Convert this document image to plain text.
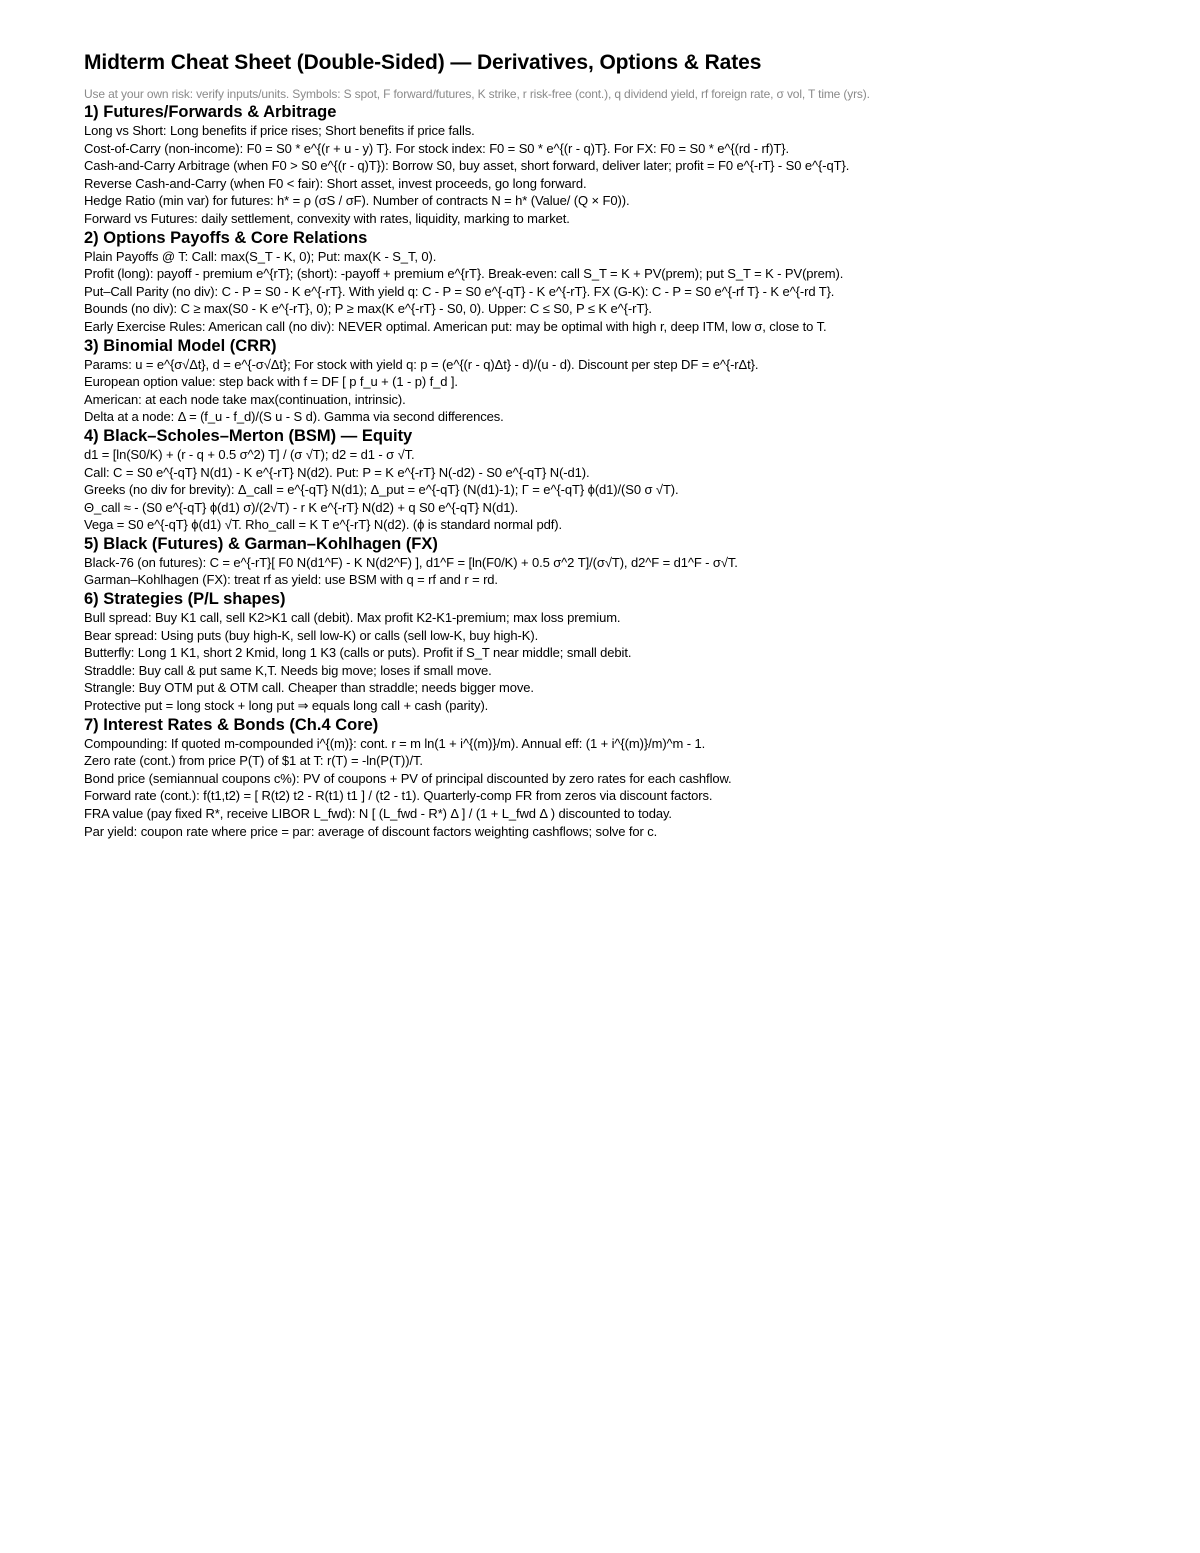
Midterm Cheat Sheet (Double-Sided) — Derivatives, Options & Rates
Use at your own risk: verify inputs/units. Symbols: S spot, F forward/futures, K strike, r risk-free (cont.), q dividend yield, rf foreign rate, σ vol, T time (yrs).
1) Futures/Forwards & Arbitrage
Long vs Short: Long benefits if price rises; Short benefits if price falls.
Cost-of-Carry (non-income): F0 = S0 * e^{(r + u - y) T}. For stock index: F0 = S0 * e^{(r - q)T}. For FX: F0 = S0 * e^{(rd - rf)T}.
Cash-and-Carry Arbitrage (when F0 > S0 e^{(r - q)T}): Borrow S0, buy asset, short forward, deliver later; profit = F0 e^{-rT} - S0 e^{-qT}.
Reverse Cash-and-Carry (when F0 < fair): Short asset, invest proceeds, go long forward.
Hedge Ratio (min var) for futures: h* = ρ (σS / σF). Number of contracts N = h* (Value/ (Q × F0)).
Forward vs Futures: daily settlement, convexity with rates, liquidity, marking to market.
2) Options Payoffs & Core Relations
Plain Payoffs @ T: Call: max(S_T - K, 0); Put: max(K - S_T, 0).
Profit (long): payoff - premium e^{rT}; (short): -payoff + premium e^{rT}. Break-even: call S_T = K + PV(prem); put S_T = K - PV(prem).
Put–Call Parity (no div): C - P = S0 - K e^{-rT}. With yield q: C - P = S0 e^{-qT} - K e^{-rT}. FX (G-K): C - P = S0 e^{-rf T} - K e^{-rd T}.
Bounds (no div): C ≥ max(S0 - K e^{-rT}, 0); P ≥ max(K e^{-rT} - S0, 0). Upper: C ≤ S0, P ≤ K e^{-rT}.
Early Exercise Rules: American call (no div): NEVER optimal. American put: may be optimal with high r, deep ITM, low σ, close to T.
3) Binomial Model (CRR)
Params: u = e^{σ√Δt}, d = e^{-σ√Δt}; For stock with yield q: p = (e^{(r - q)Δt} - d)/(u - d). Discount per step DF = e^{-rΔt}.
European option value: step back with f = DF [ p f_u + (1 - p) f_d ].
American: at each node take max(continuation, intrinsic).
Delta at a node: Δ = (f_u - f_d)/(S u - S d). Gamma via second differences.
4) Black–Scholes–Merton (BSM) — Equity
d1 = [ln(S0/K) + (r - q + 0.5 σ^2) T] / (σ √T); d2 = d1 - σ √T.
Call: C = S0 e^{-qT} N(d1) - K e^{-rT} N(d2). Put: P = K e^{-rT} N(-d2) - S0 e^{-qT} N(-d1).
Greeks (no div for brevity): Δ_call = e^{-qT} N(d1); Δ_put = e^{-qT} (N(d1)-1); Γ = e^{-qT} ϕ(d1)/(S0 σ √T).
Θ_call ≈ - (S0 e^{-qT} ϕ(d1) σ)/(2√T) - r K e^{-rT} N(d2) + q S0 e^{-qT} N(d1).
Vega = S0 e^{-qT} ϕ(d1) √T. Rho_call = K T e^{-rT} N(d2). (ϕ is standard normal pdf).
5) Black (Futures) & Garman–Kohlhagen (FX)
Black-76 (on futures): C = e^{-rT}[ F0 N(d1^F) - K N(d2^F) ], d1^F = [ln(F0/K) + 0.5 σ^2 T]/(σ√T), d2^F = d1^F - σ√T.
Garman–Kohlhagen (FX): treat rf as yield: use BSM with q = rf and r = rd.
6) Strategies (P/L shapes)
Bull spread: Buy K1 call, sell K2>K1 call (debit). Max profit K2-K1-premium; max loss premium.
Bear spread: Using puts (buy high-K, sell low-K) or calls (sell low-K, buy high-K).
Butterfly: Long 1 K1, short 2 Kmid, long 1 K3 (calls or puts). Profit if S_T near middle; small debit.
Straddle: Buy call & put same K,T. Needs big move; loses if small move.
Strangle: Buy OTM put & OTM call. Cheaper than straddle; needs bigger move.
Protective put = long stock + long put ⇒ equals long call + cash (parity).
7) Interest Rates & Bonds (Ch.4 Core)
Compounding: If quoted m-compounded i^{(m)}: cont. r = m ln(1 + i^{(m)}/m). Annual eff: (1 + i^{(m)}/m)^m - 1.
Zero rate (cont.) from price P(T) of $1 at T: r(T) = -ln(P(T))/T.
Bond price (semiannual coupons c%): PV of coupons + PV of principal discounted by zero rates for each cashflow.
Forward rate (cont.): f(t1,t2) = [ R(t2) t2 - R(t1) t1 ] / (t2 - t1). Quarterly-comp FR from zeros via discount factors.
FRA value (pay fixed R*, receive LIBOR L_fwd): N [ (L_fwd - R*) Δ ] / (1 + L_fwd Δ ) discounted to today.
Par yield: coupon rate where price = par: average of discount factors weighting cashflows; solve for c.
